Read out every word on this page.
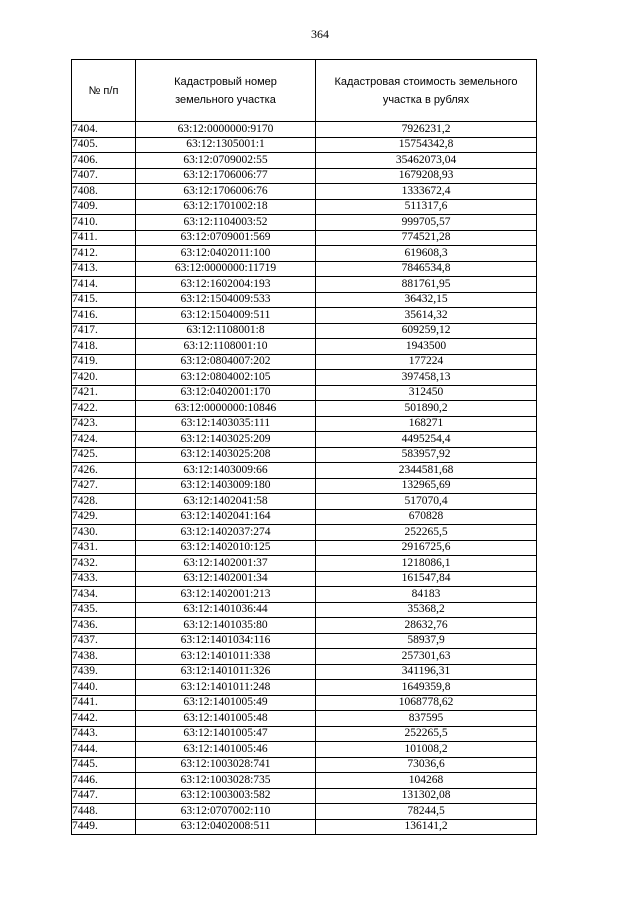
364
№ п/п	Кадастровый номер земельного участка	Кадастровая стоимость земельного участка в рублях
7404.	63:12:0000000:9170	7926231,2
7405.	63:12:1305001:1	15754342,8
7406.	63:12:0709002:55	35462073,04
7407.	63:12:1706006:77	1679208,93
7408.	63:12:1706006:76	1333672,4
7409.	63:12:1701002:18	511317,6
7410.	63:12:1104003:52	999705,57
7411.	63:12:0709001:569	774521,28
7412.	63:12:0402011:100	619608,3
7413.	63:12:0000000:11719	7846534,8
7414.	63:12:1602004:193	881761,95
7415.	63:12:1504009:533	36432,15
7416.	63:12:1504009:511	35614,32
7417.	63:12:1108001:8	609259,12
7418.	63:12:1108001:10	1943500
7419.	63:12:0804007:202	177224
7420.	63:12:0804002:105	397458,13
7421.	63:12:0402001:170	312450
7422.	63:12:0000000:10846	501890,2
7423.	63:12:1403035:111	168271
7424.	63:12:1403025:209	4495254,4
7425.	63:12:1403025:208	583957,92
7426.	63:12:1403009:66	2344581,68
7427.	63:12:1403009:180	132965,69
7428.	63:12:1402041:58	517070,4
7429.	63:12:1402041:164	670828
7430.	63:12:1402037:274	252265,5
7431.	63:12:1402010:125	2916725,6
7432.	63:12:1402001:37	1218086,1
7433.	63:12:1402001:34	161547,84
7434.	63:12:1402001:213	84183
7435.	63:12:1401036:44	35368,2
7436.	63:12:1401035:80	28632,76
7437.	63:12:1401034:116	58937,9
7438.	63:12:1401011:338	257301,63
7439.	63:12:1401011:326	341196,31
7440.	63:12:1401011:248	1649359,8
7441.	63:12:1401005:49	1068778,62
7442.	63:12:1401005:48	837595
7443.	63:12:1401005:47	252265,5
7444.	63:12:1401005:46	101008,2
7445.	63:12:1003028:741	73036,6
7446.	63:12:1003028:735	104268
7447.	63:12:1003003:582	131302,08
7448.	63:12:0707002:110	78244,5
7449.	63:12:0402008:511	136141,2
